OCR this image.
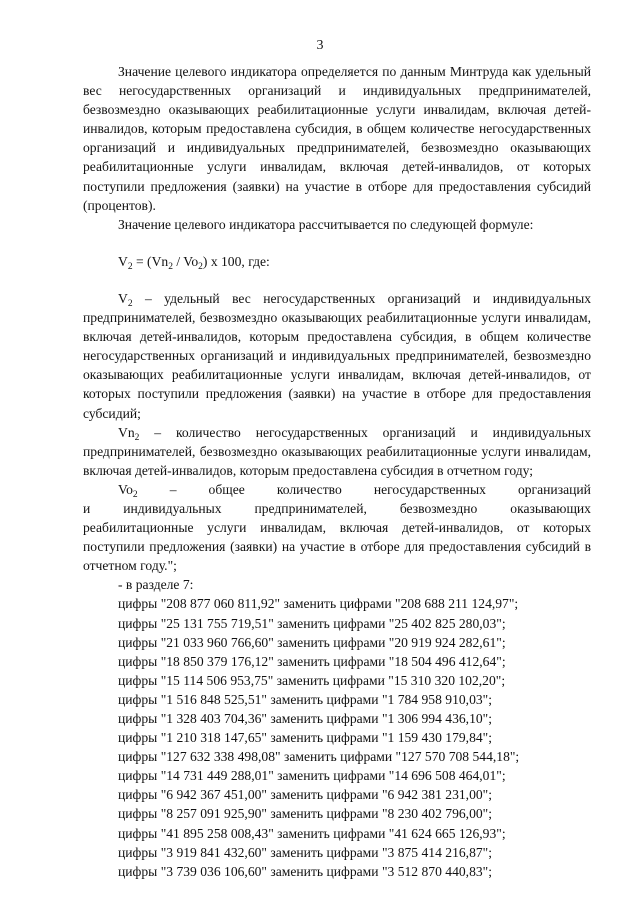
3

Значение целевого индикатора определяется по данным Минтруда как удельный вес негосударственных организаций и индивидуальных предпринимателей, безвозмездно оказывающих реабилитационные услуги инвалидам, включая детей-инвалидов, которым предоставлена субсидия, в общем количестве негосударственных организаций и индивидуальных предпринимателей, безвозмездно оказывающих реабилитационные услуги инвалидам, включая детей-инвалидов, от которых поступили предложения (заявки) на участие в отборе для предоставления субсидий (процентов).

Значение целевого индикатора рассчитывается по следующей формуле:

$V_2 = (Vn_2 / Vo_2)$ x 100, где:

$V_2$ – удельный вес негосударственных организаций и индивидуальных предпринимателей, безвозмездно оказывающих реабилитационные услуги инвалидам, включая детей-инвалидов, которым предоставлена субсидия, в общем количестве негосударственных организаций и индивидуальных предпринимателей, безвозмездно оказывающих реабилитационные услуги инвалидам, включая детей-инвалидов, от которых поступили предложения (заявки) на участие в отборе для предоставления субсидий;

$Vn_2$ – количество негосударственных организаций и индивидуальных предпринимателей, безвозмездно оказывающих реабилитационные услуги инвалидам, включая детей-инвалидов, которым предоставлена субсидия в отчетном году;

$Vo_2$ – общее количество негосударственных организаций
и индивидуальных предпринимателей, безвозмездно оказывающих

реабилитационные услуги инвалидам, включая детей-инвалидов, от которых поступили предложения (заявки) на участие в отборе для предоставления субсидий в отчетном году.";

- в разделе 7:

цифры "208 877 060 811,92" заменить цифрами "208 688 211 124,97";

цифры "25 131 755 719,51" заменить цифрами "25 402 825 280,03";

цифры "21 033 960 766,60" заменить цифрами "20 919 924 282,61";

цифры "18 850 379 176,12" заменить цифрами "18 504 496 412,64";

цифры "15 114 506 953,75" заменить цифрами "15 310 320 102,20";

цифры "1 516 848 525,51" заменить цифрами "1 784 958 910,03";

цифры "1 328 403 704,36" заменить цифрами "1 306 994 436,10";

цифры "1 210 318 147,65" заменить цифрами "1 159 430 179,84";

цифры "127 632 338 498,08" заменить цифрами "127 570 708 544,18";

цифры "14 731 449 288,01" заменить цифрами "14 696 508 464,01";

цифры "6 942 367 451,00" заменить цифрами "6 942 381 231,00";

цифры "8 257 091 925,90" заменить цифрами "8 230 402 796,00";

цифры "41 895 258 008,43" заменить цифрами "41 624 665 126,93";

цифры "3 919 841 432,60" заменить цифрами "3 875 414 216,87";

цифры "3 739 036 106,60" заменить цифрами "3 512 870 440,83";
